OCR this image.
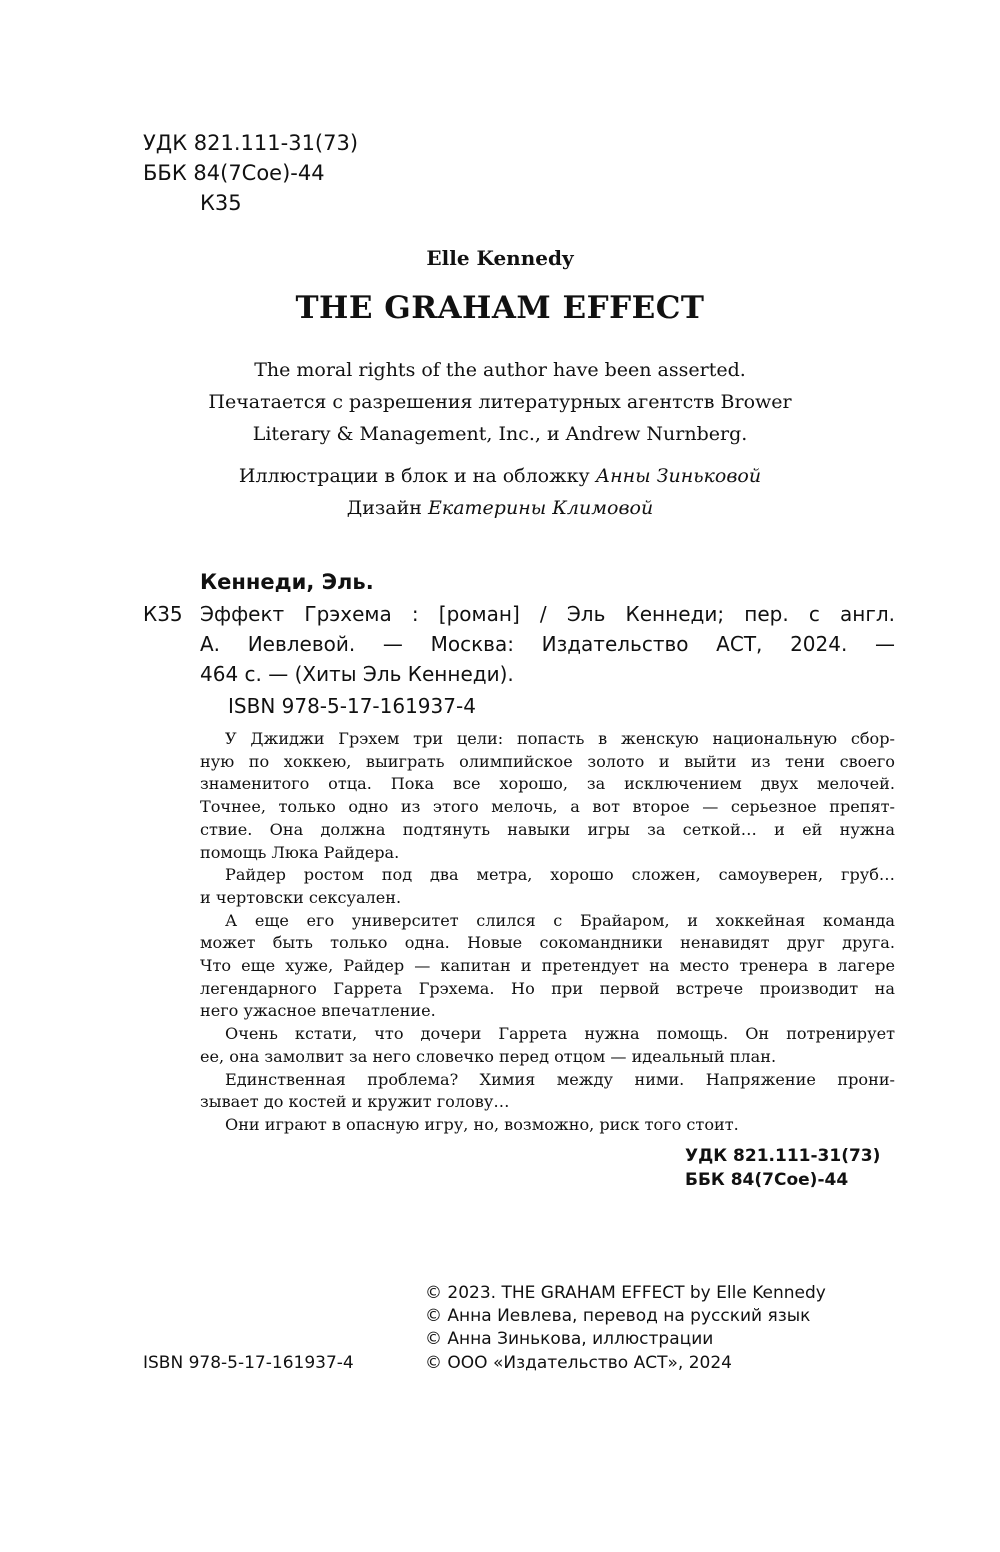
УДК 821.111-31(73)
ББК 84(7Сое)-44
К35
Elle Kennedy
THE GRAHAM EFFECT
The moral rights of the author have been asserted.
Печатается с разрешения литературных агентств Brower
Literary & Management, Inc., и Andrew Nurnberg.
Иллюстрации в блок и на обложку Анны Зиньковой
Дизайн Екатерины Климовой
Кеннеди, Эль.
К35 Эффект Грэхема : [роман] / Эль Кеннеди; пер. с англ.
А. Иевлевой. — Москва: Издательство АСТ, 2024. —
464 с. — (Хиты Эль Кеннеди).
ISBN 978-5-17-161937-4
У Джиджи Грэхем три цели: попасть в женскую национальную сбор-
ную по хоккею, выиграть олимпийское золото и выйти из тени своего
знаменитого отца. Пока все хорошо, за исключением двух мелочей.
Точнее, только одно из этого мелочь, а вот второе — серьезное препят-
ствие. Она должна подтянуть навыки игры за сеткой… и ей нужна
помощь Люка Райдера.
Райдер ростом под два метра, хорошо сложен, самоуверен, груб…
и чертовски сексуален.
А еще его университет слился с Брайаром, и хоккейная команда
может быть только одна. Новые сокомандники ненавидят друг друга.
Что еще хуже, Райдер — капитан и претендует на место тренера в лагере
легендарного Гаррета Грэхема. Но при первой встрече производит на
него ужасное впечатление.
Очень кстати, что дочери Гаррета нужна помощь. Он потренирует
ее, она замолвит за него словечко перед отцом — идеальный план.
Единственная проблема? Химия между ними. Напряжение прони-
зывает до костей и кружит голову…
Они играют в опасную игру, но, возможно, риск того стоит.
УДК 821.111-31(73)
ББК 84(7Сое)-44
© 2023. THE GRAHAM EFFECT by Elle Kennedy
© Анна Иевлева, перевод на русский язык
© Анна Зинькова, иллюстрации
© ООО «Издательство АСТ», 2024
ISBN 978-5-17-161937-4
